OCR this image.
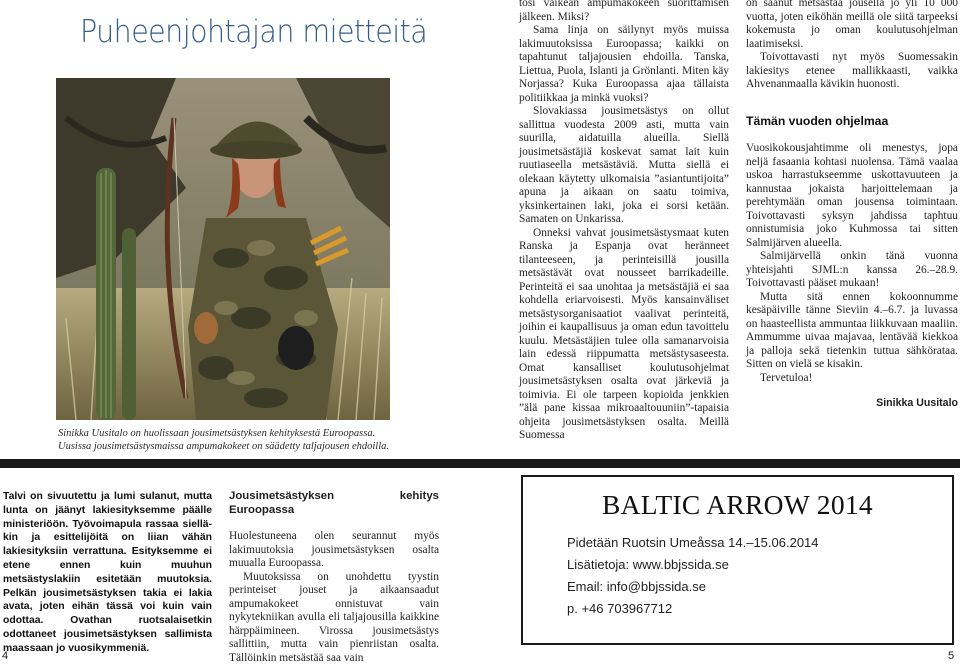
Puheenjohtajan mietteitä
Sinikka Uusitalo on huolissaan jousimetsästyksen kehityksestä Euroopassa. Uusissa jousimetsästysmaissa ampumakokeet on säädetty taljajousen ehdoilla.

tosi vaikean ampumakokeen suorittamisen jälkeen. Miksi?

Sama linja on säilynyt myös muissa lakimuutoksissa Euroopassa; kaikki on tapahtunut taljajousien ehdoilla. Tanska, Liettua, Puola, Islanti ja Grönlanti. Miten käy Norjassa? Kuka Euroopassa ajaa tällaista politiikkaa ja minkä vuoksi?

Slovakiassa jousimetsästys on ollut sallittua vuodesta 2009 asti, mutta vain suurilla, aidatuilla alueilla. Siellä jousimetsästäjiä koskevat samat lait kuin ruutiaseella metsästäviä. Mutta siellä ei olekaan käytetty ulkomaisia ”asiantuntijoita” apuna ja aikaan on saatu toimiva, yksinkertainen laki, joka ei sorsi ketään. Samaten on Unkarissa.

Onneksi vahvat jousimetsästysmaat kuten Ranska ja Espanja ovat heränneet tilanteeseen, ja perinteisillä jousilla metsästävät ovat nousseet barrikadeille. Perinteitä ei saa unohtaa ja metsästäjiä ei saa kohdella eriarvoisesti. Myös kansainväliset metsästysorganisaatiot vaalivat perinteitä, joihin ei kaupallisuus ja oman edun tavoittelu kuulu. Metsästäjien tulee olla samanarvoisia lain edessä riippumatta metsästysaseesta. Omat kansalliset koulutusohjelmat jousimetsästyksen osalta ovat järkeviä ja toimivia. Ei ole tarpeen kopioida jenkkien ”älä pane kissaa mikroaaltouuniin”-tapaisia ohjeita jousimetsästyksen osalta. Meillä Suomessa

on saanut metsästää jousella jo yli 10 000 vuotta, joten eiköhän meillä ole siitä tarpeeksi kokemusta jo oman koulutusohjelman laatimiseksi.

Toivottavasti nyt myös Suomessakin lakiesitys etenee mallikkaasti, vaikka Ahvenanmaalla kävikin huonosti.

Tämän vuoden ohjelmaa

Vuosikokousjahtimme oli menestys, jopa neljä fasaania kohtasi nuolensa. Tämä vaalaa uskoa harrastukseemme uskottavuuteen ja kannustaa jokaista harjoittelemaan ja perehtymään oman jousensa toimintaan. Toivottavasti syksyn jahdissa taphtuu onnistumisia joko Kuhmossa tai sitten Salmijärven alueella.

Salmijärvellä onkin tänä vuonna yhteisjahti SJML:n kanssa 26.–28.9. Toivottavasti pääset mukaan!

Mutta sitä ennen kokoonnumme kesäpäiville tänne Sieviin 4.–6.7. ja luvassa on haasteellista ammuntaa liikkuvaan maaliin. Ammumme uivaa majavaa, lentävää kiekkoa ja palloja sekä tietenkin tuttua sähkörataa. Sitten on vielä se kisakin.

Tervetuloa!

Sinikka Uusitalo
Talvi on sivuutettu ja lumi sulanut, mutta lunta on jäänyt lakiesityksemme päälle ministeriöön. Työvoimapula rassaa siellä-kin ja esittelijöitä on liian vähän lakiesityksiin verrattuna. Esityksemme ei etene ennen kuin muuhun metsästyslakiin esitetään muutoksia. Pelkän jousimetsästyksen takia ei lakia avata, joten eihän tässä voi kuin vain odottaa. Ovathan ruotsalaisetkin odottaneet jousimetsästyksen sallimista maassaan jo vuosikymmeniä.
Jousimetsästyksen kehitys Euroopassa

Huolestuneena olen seurannut myös lakimuutoksia jousimetsästyksen osalta muualla Euroopassa.

Muutoksissa on unohdettu tyystin perinteiset jouset ja aikaansaadut ampumakokeet onnistuvat vain nykytekniikan avulla eli taljajousilla kaikkine härppäimineen. Virossa jousimetsästys sallittiin, mutta vain pienriistan osalta. Tällöinkin metsästää saa vain

BALTIC ARROW 2014
Pidetään Ruotsin Umeåssa 14.–15.06.2014
Lisätietoja: www.bbjssida.se
Email: info@bbjssida.se
p. +46 703967712
4	5
